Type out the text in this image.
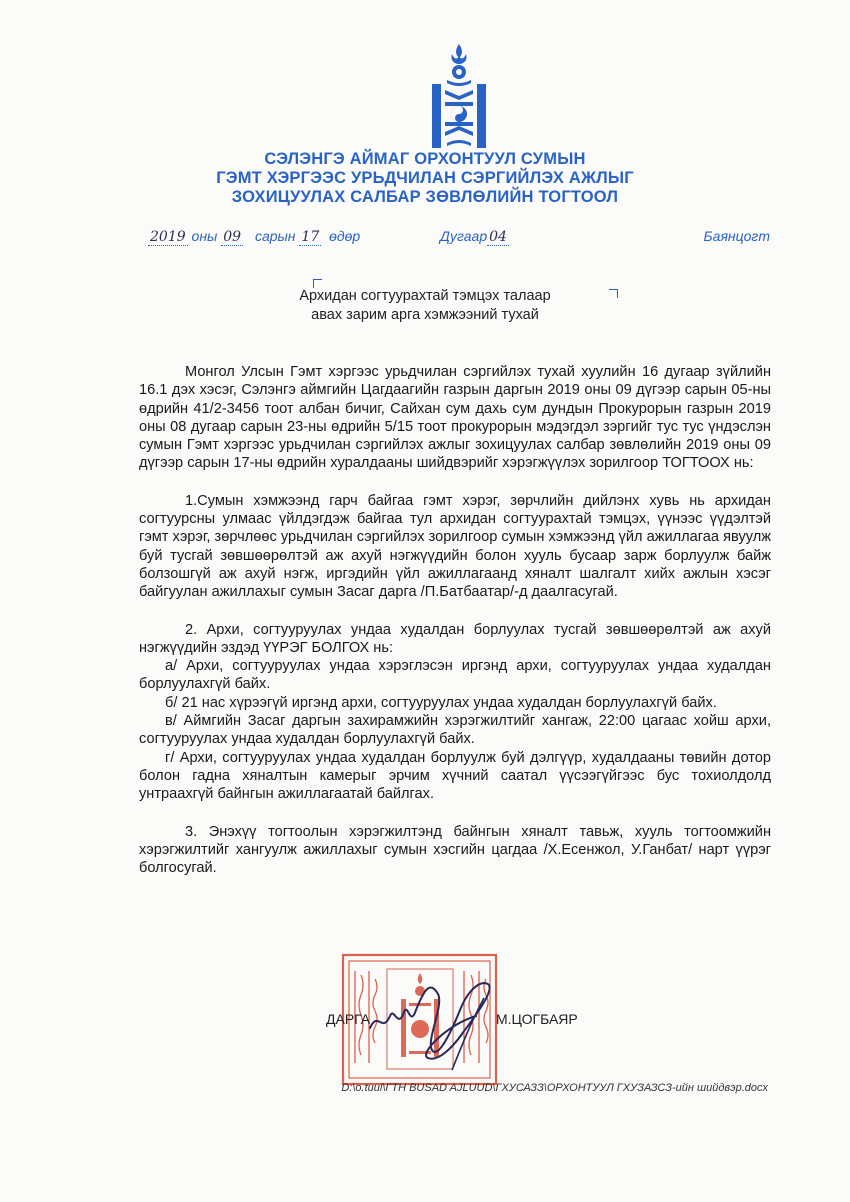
СЭЛЭНГЭ АЙМАГ ОРХОНТУУЛ СУМЫН
ГЭМТ ХЭРГЭЭС УРЬДЧИЛАН СЭРГИЙЛЭХ АЖЛЫГ
ЗОХИЦУУЛАХ САЛБАР ЗӨВЛӨЛИЙН ТОГТООЛ
2019 оны 09 сарын 17 өдөр	Дугаар 04	Баянцогт
Архидан согтуурахтай тэмцэх талаар
авах зарим арга хэмжээний тухай

Монгол Улсын Гэмт хэргээс урьдчилан сэргийлэх тухай хуулийн 16 дугаар зүйлийн 16.1 дэх хэсэг, Сэлэнгэ аймгийн Цагдаагийн газрын даргын 2019 оны 09 дүгээр сарын 05-ны өдрийн 41/2-3456 тоот албан бичиг, Сайхан сум дахь сум дундын Прокурорын газрын 2019 оны 08 дугаар сарын 23-ны өдрийн 5/15 тоот прокурорын мэдэгдэл зэргийг тус тус үндэслэн сумын Гэмт хэргээс урьдчилан сэргийлэх ажлыг зохицуулах салбар зөвлөлийн 2019 оны 09 дүгээр сарын 17-ны өдрийн хуралдааны шийдвэрийг хэрэгжүүлэх зорилгоор ТОГТООХ нь:

1.Сумын хэмжээнд гарч байгаа гэмт хэрэг, зөрчлийн дийлэнх хувь нь архидан согтуурсны улмаас үйлдэгдэж байгаа тул архидан согтуурахтай тэмцэх, үүнээс үүдэлтэй гэмт хэрэг, зөрчлөөс урьдчилан сэргийлэх зорилгоор сумын хэмжээнд үйл ажиллагаа явуулж буй тусгай зөвшөөрөлтэй аж ахуй нэгжүүдийн болон хууль бусаар зарж борлуулж байж болзошгүй аж ахуй нэгж, иргэдийн үйл ажиллагаанд хяналт шалгалт хийх ажлын хэсэг байгуулан ажиллахыг сумын Засаг дарга /П.Батбаатар/-д даалгасугай.

2. Архи, согтууруулах ундаа худалдан борлуулах тусгай зөвшөөрөлтэй аж ахуй нэгжүүдийн эздэд ҮҮРЭГ БОЛГОХ нь:

а/ Архи, согтууруулах ундаа хэрэглэсэн иргэнд архи, согтууруулах ундаа худалдан борлуулахгүй байх.

б/ 21 нас хүрээгүй иргэнд архи, согтууруулах ундаа худалдан борлуулахгүй байх.

в/ Аймгийн Засаг даргын захирамжийн хэрэгжилтийг хангаж, 22:00 цагаас хойш архи, согтууруулах ундаа худалдан борлуулахгүй байх.

г/ Архи, согтууруулах ундаа худалдан борлуулж буй дэлгүүр, худалдааны төвийн дотор болон гадна хяналтын камерыг эрчим хүчний саатал үүсээгүйгээс бус тохиолдолд унтраахгүй байнгын ажиллагаатай байлгах.

3. Энэхүү тогтоолын хэрэгжилтэнд байнгын хяналт тавьж, хууль тогтоомжийн хэрэгжилтийг хангуулж ажиллахыг сумын хэсгийн цагдаа /Х.Есенжол, У.Ганбат/ нарт үүрэг болгосугай.

ДАРГА	М.ЦОГБАЯР
D:\o.tuul\ГТН BUSAD AJLUUD\ГХУСАЗЗ\ОРХОНТУУЛ ГХУЗАЗСЗ-ийн шийдвэр.docx
